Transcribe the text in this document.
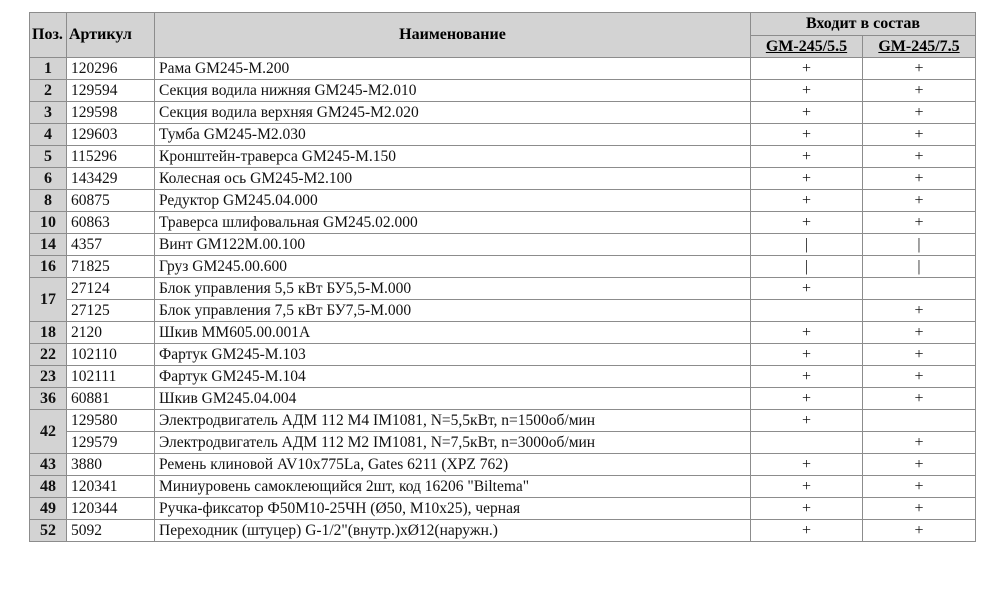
Поз.	Артикул	Наименование	Входит в состав	
			GM-245/5.5	GM-245/7.5
1	120296	Рама GM245-M.200	+	+
2	129594	Секция водила нижняя GM245-M2.010	+	+
3	129598	Секция водила верхняя GM245-M2.020	+	+
4	129603	Тумба GM245-M2.030	+	+
5	115296	Кронштейн-траверса GM245-M.150	+	+
6	143429	Колесная ось GM245-M2.100	+	+
8	60875	Редуктор GM245.04.000	+	+
10	60863	Траверса шлифовальная GM245.02.000	+	+
14	4357	Винт GM122M.00.100	|	|
16	71825	Груз GM245.00.600	|	|
17	27124	Блок управления 5,5 кВт БУ5,5-M.000	+	
	27125	Блок управления 7,5 кВт БУ7,5-M.000		+
18	2120	Шкив MM605.00.001A	+	+
22	102110	Фартук GM245-M.103	+	+
23	102111	Фартук GM245-M.104	+	+
36	60881	Шкив GM245.04.004	+	+
42	129580	Электродвигатель АДМ 112 М4 IM1081, N=5,5кВт, n=1500об/мин	+	
	129579	Электродвигатель АДМ 112 М2 IM1081, N=7,5кВт, n=3000об/мин		+
43	3880	Ремень клиновой AV10x775La, Gates 6211 (XPZ 762)	+	+
48	120341	Миниуровень самоклеющийся 2шт, код 16206 "Biltema"	+	+
49	120344	Ручка-фиксатор Ф50M10-25ЧН (Ø50, M10x25), черная	+	+
52	5092	Переходник (штуцер) G-1/2"(внутр.)xØ12(наружн.)	+	+
